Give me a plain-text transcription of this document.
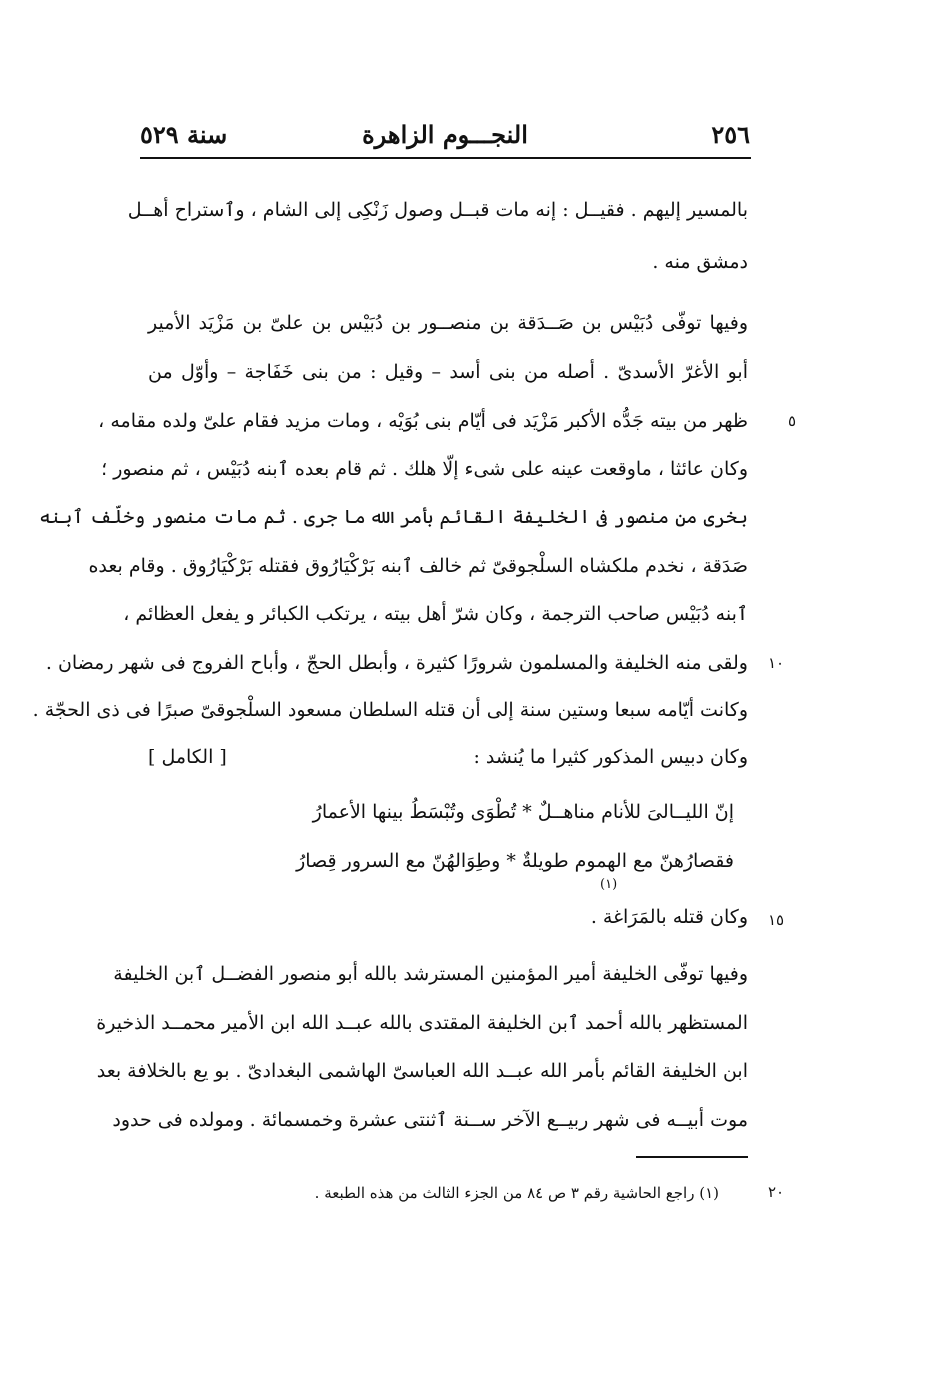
سنة ٥٢٩	النجـــوم الزاهرة	٢٥٦
بالمسير إليهم . فقيــل : إنه مات قبــل وصول زَنْكِى إلى الشام ، وٱستراح أهــل
دمشق منه .
وفيها توفّى دُبَيْس بن صَــدَقة بن منصــور بن دُبَيْس بن علىّ بن مَزْيَد الأمير
أبو الأغرّ الأسدىّ . أصله من بنى أسد – وقيل : من بنى خَفَاجة – وأوّل من
ظهر من بيته جَدُّه الأكبر مَزْيَد فى أيّام بنى بُوَيْه ، ومات مزيد فقام علىّ ولده مقامه ،
وكان عائثا ، ماوقعت عينه على شىء إلّا هلك . ثم قام بعده ٱبنه دُبَيْس ، ثم منصور ؛
بخرى من منصور فى الخليفة القائم بأمر الله ما جرى . ثم مات منصور وخلّف ٱبنه
صَدَقة ، نخدم ملكشاه السلْجوقىّ ثم خالف ٱبنه بَرْكْيَارُوق فقتله بَرْكْيَارُوق . وقام بعده
ٱبنه دُبَيْس صاحب الترجمة ، وكان شرّ أهل بيته ، يرتكب الكبائر و يفعل العظائم ،
ولقى منه الخليفة والمسلمون شرورًا كثيرة ، وأبطل الحجّ ، وأباح الفروج فى شهر رمضان .
وكانت أيّامه سبعا وستين سنة إلى أن قتله السلطان مسعود السلْجوقىّ صبرًا فى ذى الحجّة .
وكان دبيس المذكور كثيرا ما يُنشد :
[ الكامل ]
إنّ الليــالىَ للأنام مناهــلٌ * تُطْوَى وتُبْسَطُ بينها الأعمارُ
فقصارُهنّ مع الهموم طويلةٌ * وطِوَالهُنّ مع السرور قِصارُ
(١)
وكان قتله بالمَرَاغة .
وفيها توفّى الخليفة أمير المؤمنين المسترشد بالله أبو منصور الفضــل ٱبن الخليفة
المستظهر بالله أحمد ٱبن الخليفة المقتدى بالله عبــد الله ابن الأمير محمــد الذخيرة
ابن الخليفة القائم بأمر الله عبــد الله العباسىّ الهاشمى البغدادىّ . بو يع بالخلافة بعد
موت أبيــه فى شهر ربيــع الآخر ســنة ٱثنتى عشرة وخمسمائة . ومولده فى حدود
٥
١٠
١٥
٢٠
(١) راجع الحاشية رقم ٣ ص ٨٤ من الجزء الثالث من هذه الطبعة .
